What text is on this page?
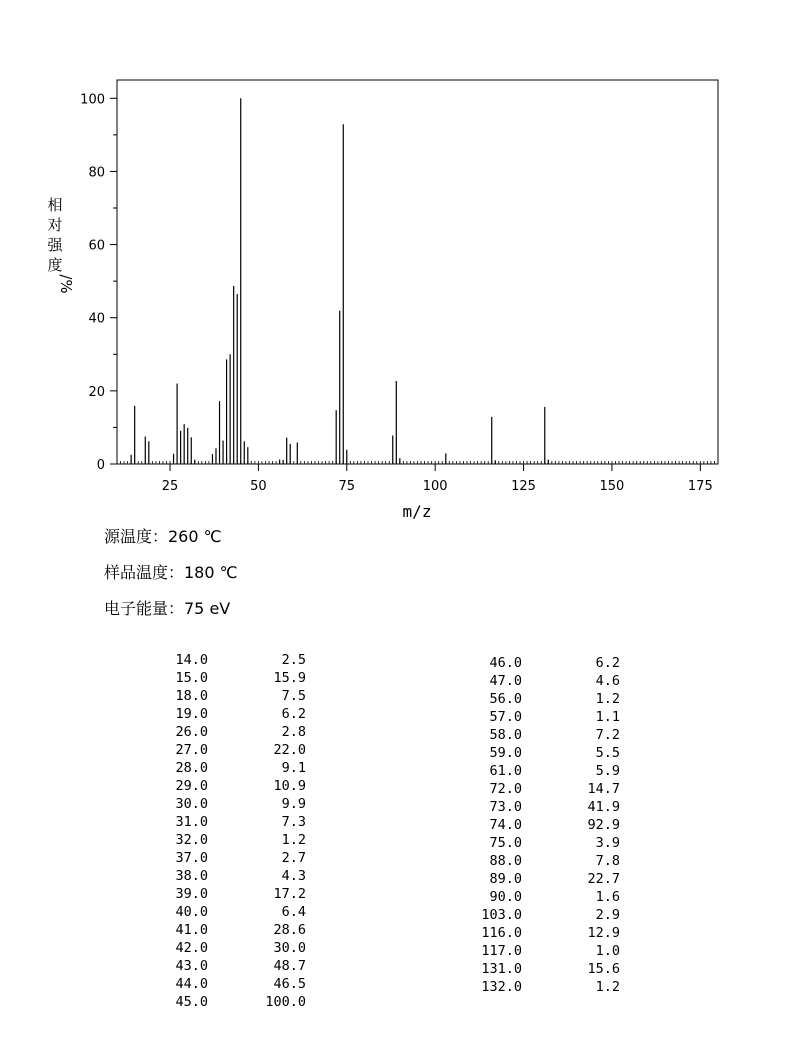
25	50	75	100	125	150	175
0
20
40
60
80
100
m/z
相
对
强
度
/%
源温度：260 ℃
样品温度：180 ℃
电子能量：75 eV
14.0	2.5
15.0	15.9
18.0	7.5
19.0	6.2
26.0	2.8
27.0	22.0
28.0	9.1
29.0	10.9
30.0	9.9
31.0	7.3
32.0	1.2
37.0	2.7
38.0	4.3
39.0	17.2
40.0	6.4
41.0	28.6
42.0	30.0
43.0	48.7
44.0	46.5
45.0	100.0
46.0	6.2
47.0	4.6
56.0	1.2
57.0	1.1
58.0	7.2
59.0	5.5
61.0	5.9
72.0	14.7
73.0	41.9
74.0	92.9
75.0	3.9
88.0	7.8
89.0	22.7
90.0	1.6
103.0	2.9
116.0	12.9
117.0	1.0
131.0	15.6
132.0	1.2
